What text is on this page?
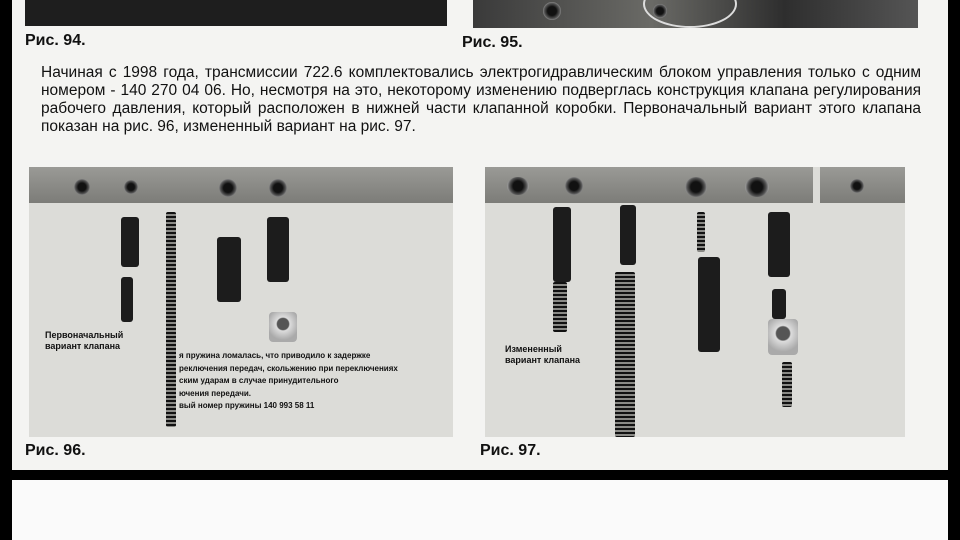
Рис. 94.	Рис. 95.

Начиная с 1998 года, трансмиссии 722.6 комплектовались электрогидравлическим блоком управления только с одним номером - 140 270 04 06. Но, несмотря на это, некоторому изменению подверглась конструкция клапана регулирования рабочего давления, который расположен в нижней части клапанной коробки. Первоначальный вариант этого клапана показан на рис. 96, измененный вариант на рис. 97.

Первоначальный
вариант клапана
я пружина ломалась, что приводило к задержке
реключения передач, скольжению при переключениях
ским ударам в случае принудительного
ючения передачи.
вый номер пружины 140 993 58 11
Измененный
вариант клапана
Рис. 96.	Рис. 97.
